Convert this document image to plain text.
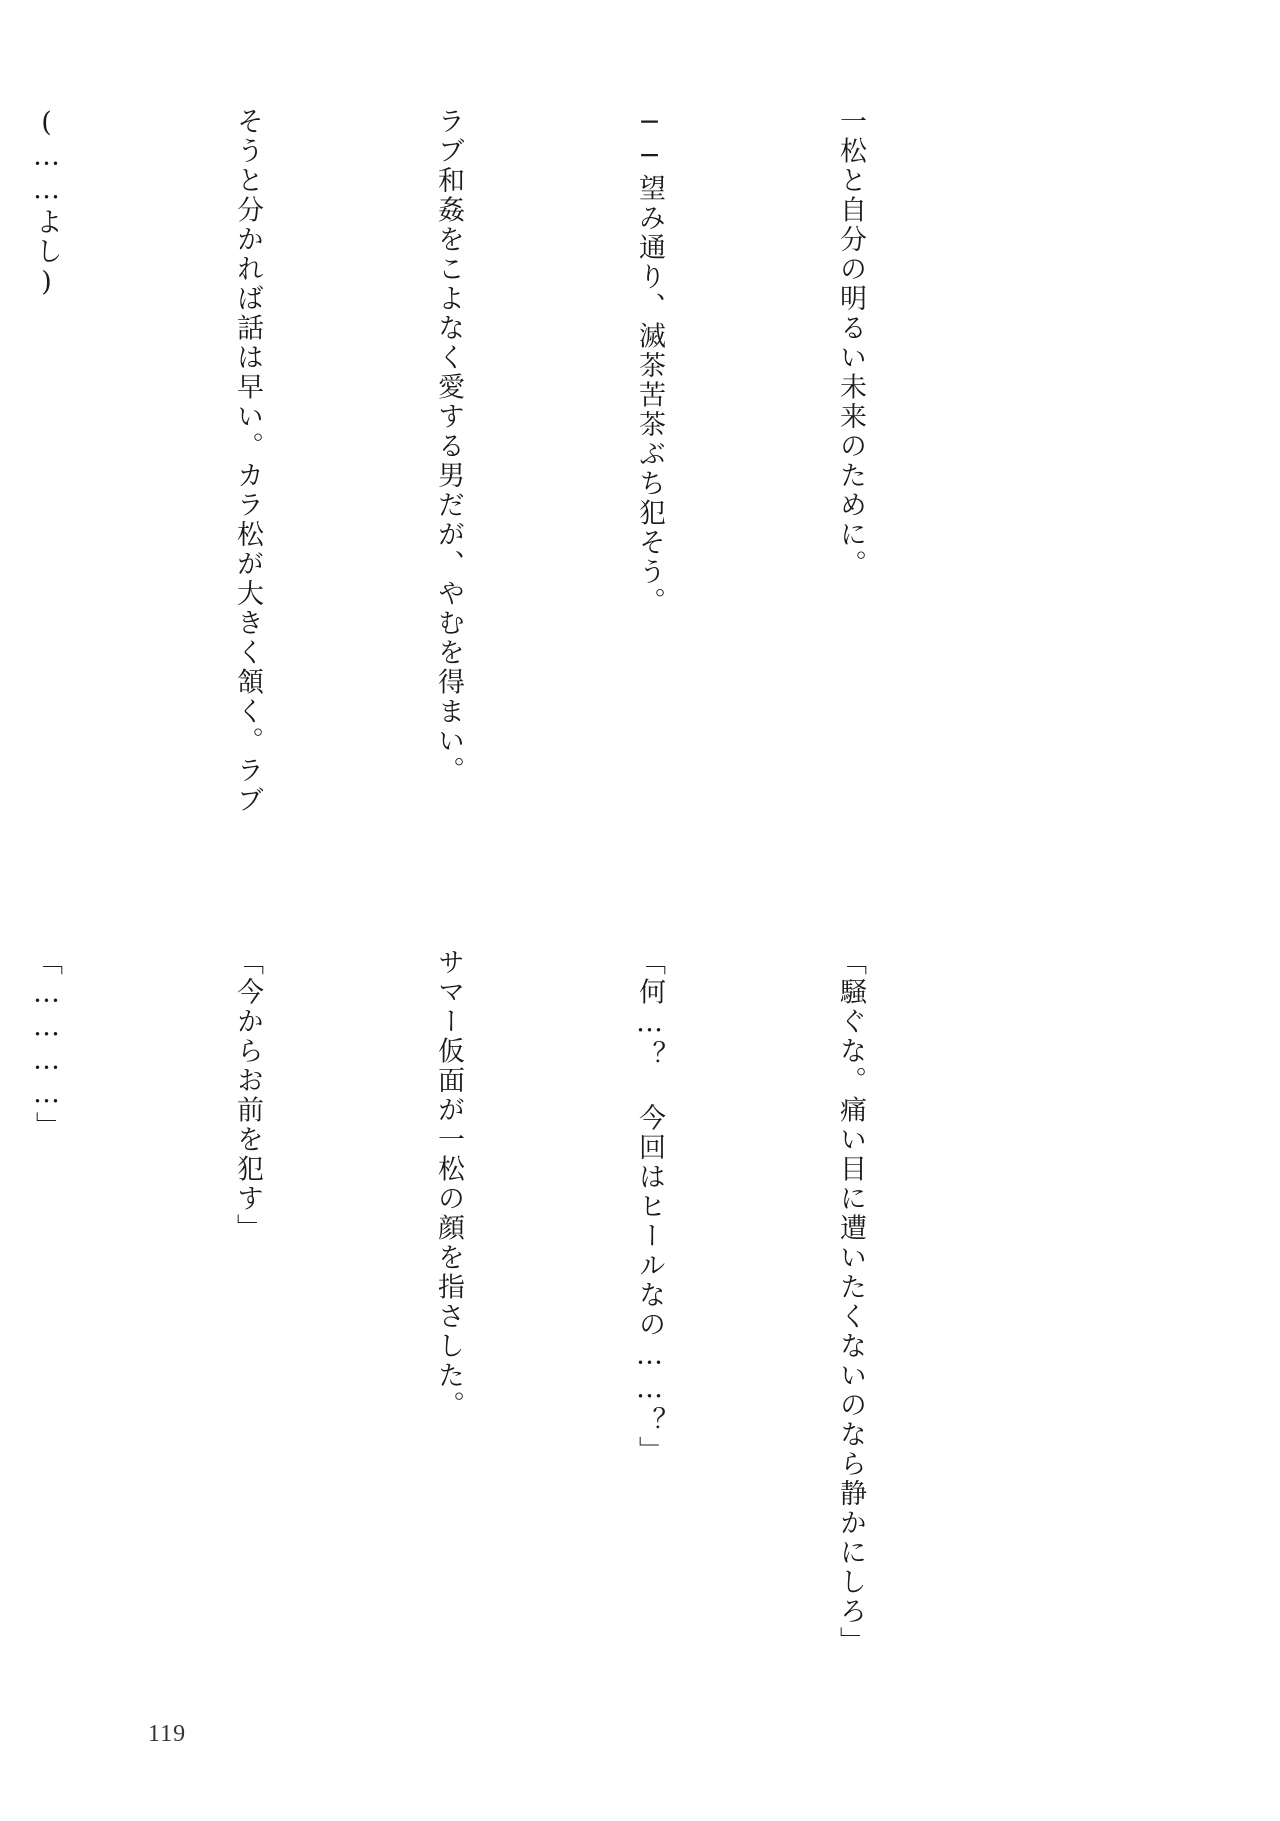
一松と自分の明るい未来のために。

──望み通り、滅茶苦茶ぶち犯そう。

ラブ和姦をこよなく愛する男だが、やむを得まい。

そうと分かれば話は早い。カラ松が大きく頷く。ラブ

(……よし)

「騒ぐな。痛い目に遭いたくないのなら静かにしろ」

「何…？ 今回はヒールなの……？」

サマー仮面が一松の顔を指さした。

「今からお前を犯す」

「…………」

119
